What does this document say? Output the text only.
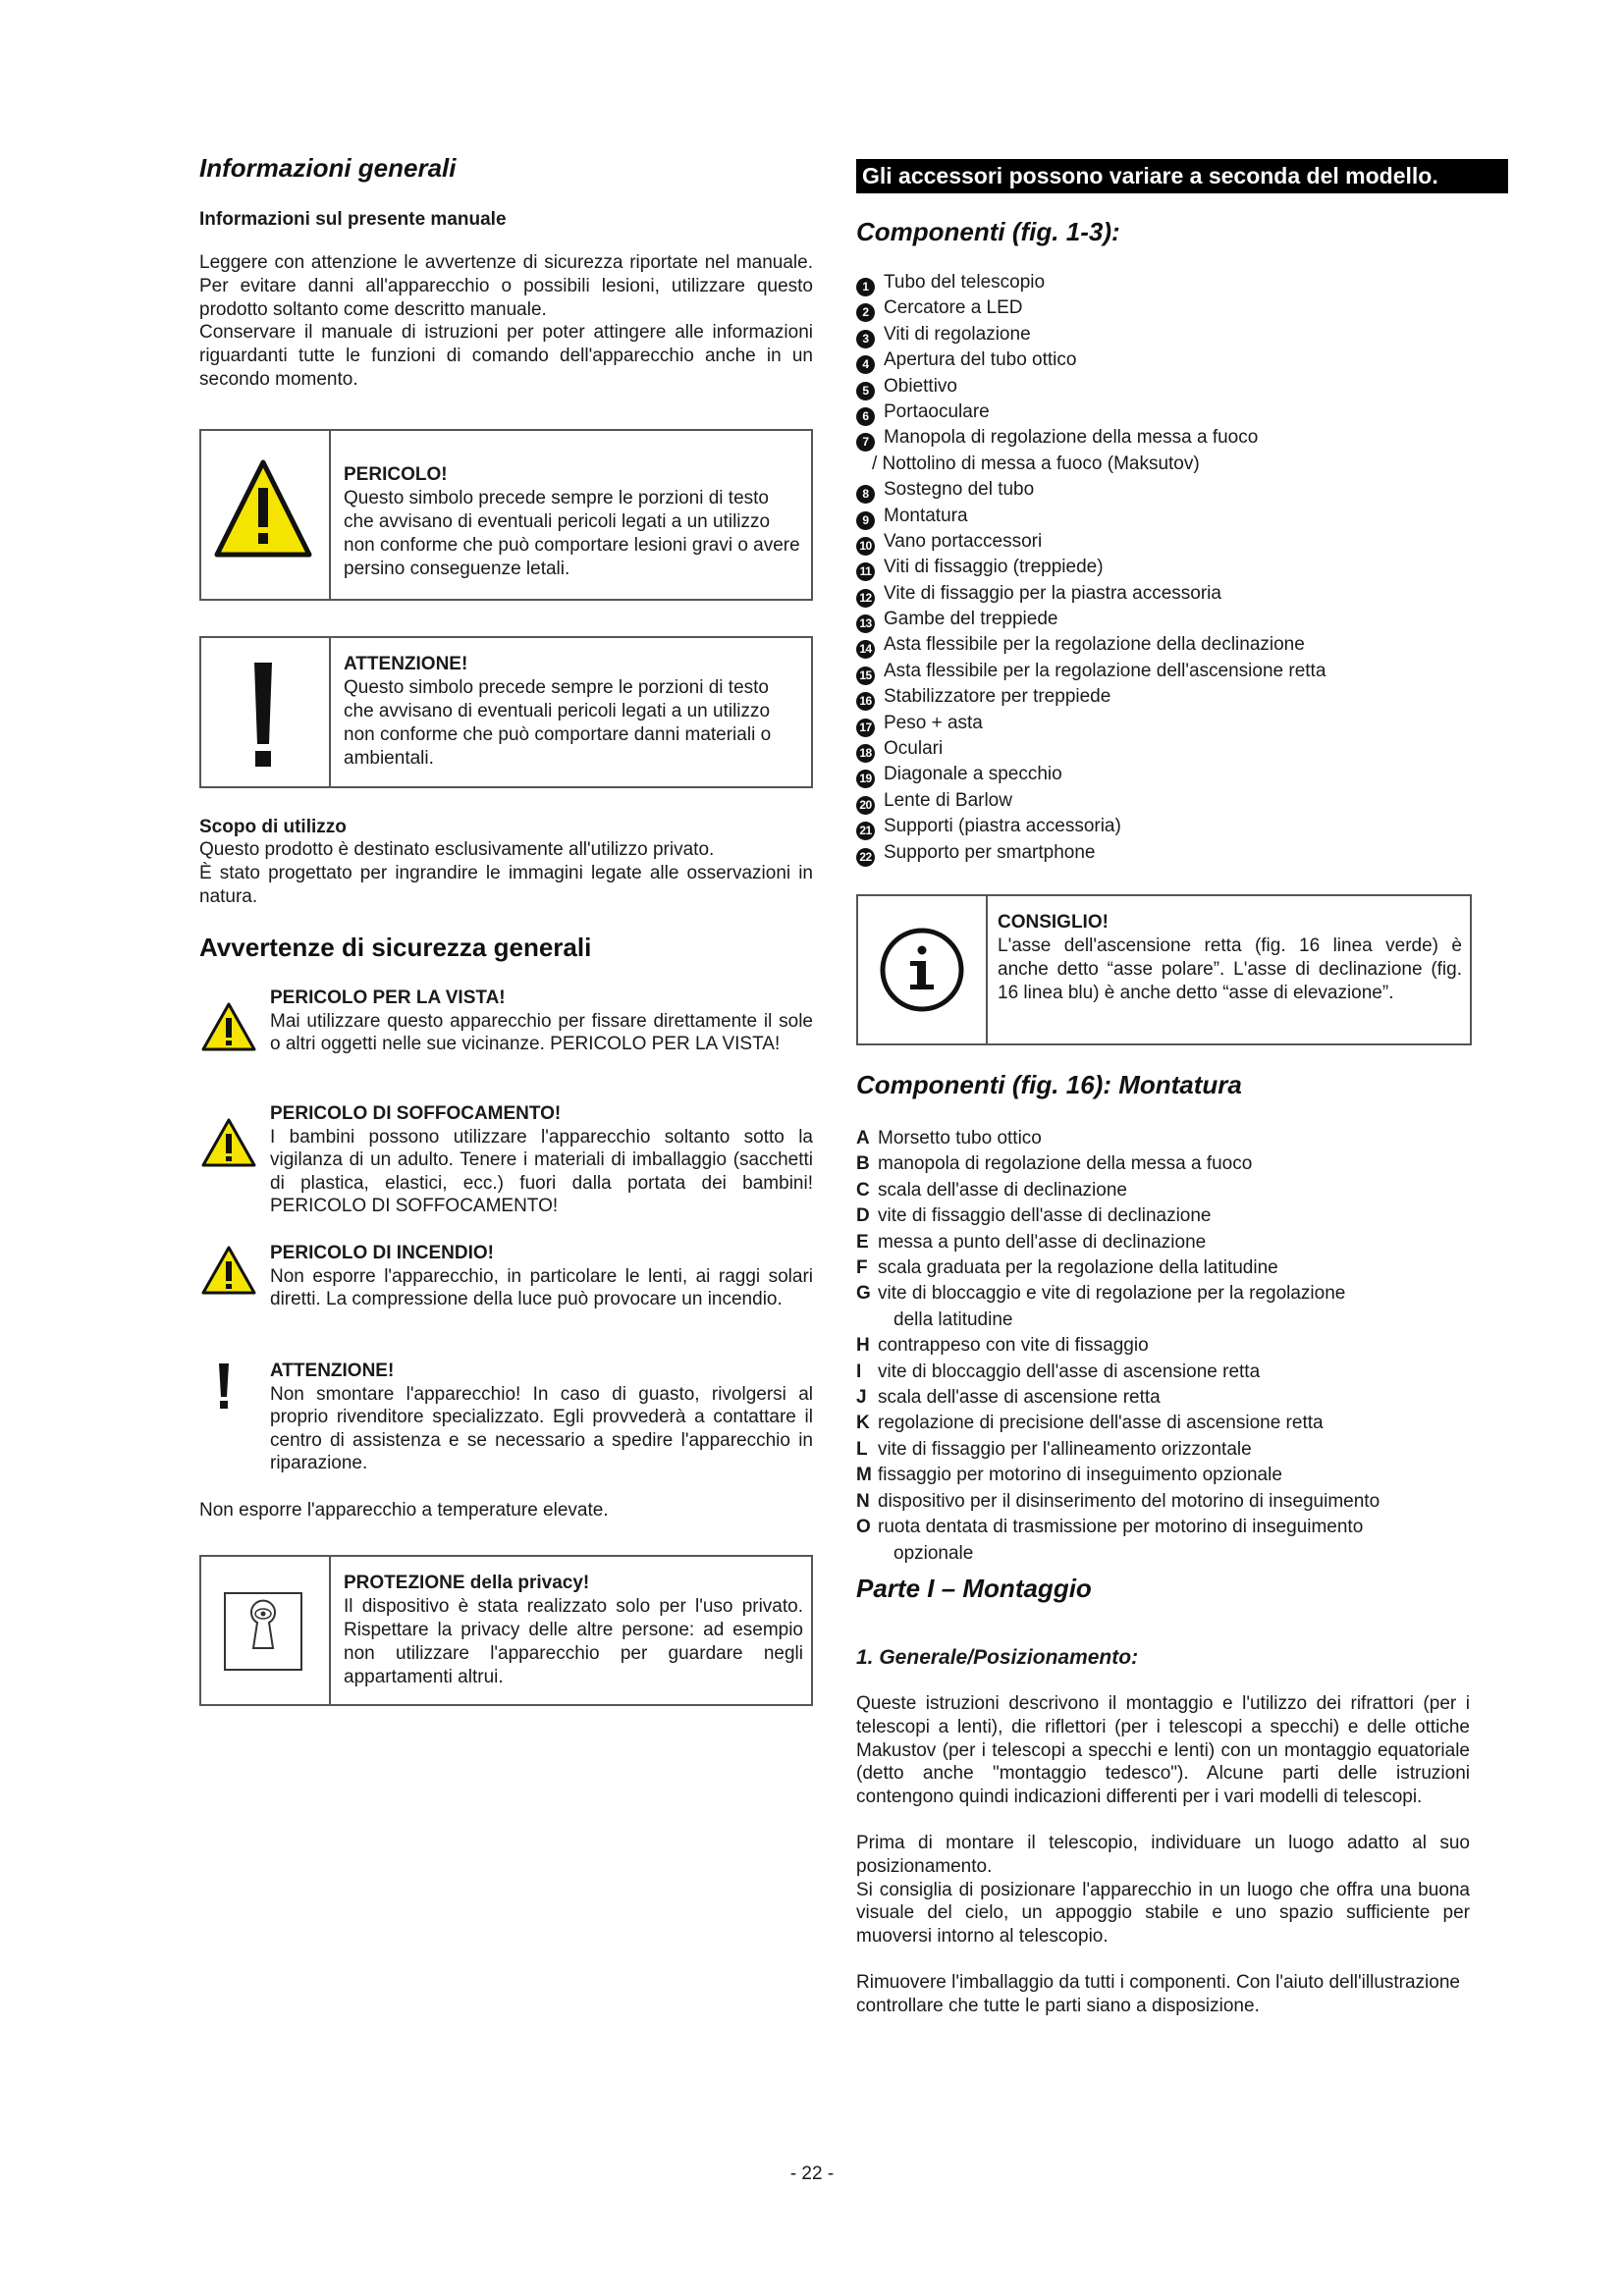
Informazioni generali
Informazioni sul presente manuale

Leggere con attenzione le avvertenze di sicurezza riportate nel manuale. Per evitare danni all'apparecchio o possibili lesioni, utilizzare questo prodotto soltanto come descritto manuale.

Conservare il manuale di istruzioni per poter attingere alle informazioni riguardanti tutte le funzioni di comando dell'apparecchio anche in un secondo momento.

PERICOLO!
Questo simbolo precede sempre le porzioni di testo che avvisano di eventuali pericoli legati a un utilizzo non conforme che può comportare lesioni gravi o avere persino conseguenze letali.
ATTENZIONE!
Questo simbolo precede sempre le porzioni di testo che avvisano di eventuali pericoli legati a un utilizzo non conforme che può comportare danni materiali o ambientali.
Scopo di utilizzo

Questo prodotto è destinato esclusivamente all'utilizzo privato.

È stato progettato per ingrandire le immagini legate alle osservazioni in natura.

Avvertenze di sicurezza generali
PERICOLO PER LA VISTA!
Mai utilizzare questo apparecchio per fissare direttamente il sole o altri oggetti nelle sue vicinanze. PERICOLO PER LA VISTA!
PERICOLO DI SOFFOCAMENTO!
I bambini possono utilizzare l'apparecchio soltanto sotto la vigilanza di un adulto. Tenere i materiali di imballaggio (sacchetti di plastica, elastici, ecc.) fuori dalla portata dei bambini! PERICOLO DI SOFFOCAMENTO!
PERICOLO DI INCENDIO!
Non esporre l'apparecchio, in particolare le lenti, ai raggi solari diretti. La compressione della luce può provocare un incendio.
ATTENZIONE!
Non smontare l'apparecchio! In caso di guasto, rivolgersi al proprio rivenditore specializzato. Egli provvederà a contattare il centro di assistenza e se necessario a spedire l'apparecchio in riparazione.

Non esporre l'apparecchio a temperature elevate.

PROTEZIONE della privacy!
Il dispositivo è stata realizzato solo per l'uso privato. Rispettare la privacy delle altre persone: ad esempio non utilizzare l'apparecchio per guardare negli appartamenti altrui.
Gli accessori possono variare a seconda del modello.
Componenti (fig. 1-3):
1 Tubo del telescopio
2 Cercatore a LED
3 Viti di regolazione
4 Apertura del tubo ottico
5 Obiettivo
6 Portaoculare
7 Manopola di regolazione della messa a fuoco
/ Nottolino di messa a fuoco (Maksutov)
8 Sostegno del tubo
9 Montatura
10 Vano portaccessori
11 Viti di fissaggio (treppiede)
12 Vite di fissaggio per la piastra accessoria
13 Gambe del treppiede
14 Asta flessibile per la regolazione della declinazione
15 Asta flessibile per la regolazione dell'ascensione retta
16 Stabilizzatore per treppiede
17 Peso + asta
18 Oculari
19 Diagonale a specchio
20 Lente di Barlow
21 Supporti (piastra accessoria)
22 Supporto per smartphone
CONSIGLIO!
L'asse dell'ascensione retta (fig. 16 linea verde) è anche detto “asse polare”. L'asse di declinazione (fig. 16 linea blu) è anche detto “asse di elevazione”.
Componenti (fig. 16): Montatura
A Morsetto tubo ottico
B manopola di regolazione della messa a fuoco
C scala dell'asse di declinazione
D vite di fissaggio dell'asse di declinazione
E messa a punto dell'asse di declinazione
F scala graduata per la regolazione della latitudine
G vite di bloccaggio e vite di regolazione per la regolazione
della latitudine
H contrappeso con vite di fissaggio
I vite di bloccaggio dell'asse di ascensione retta
J scala dell'asse di ascensione retta
K regolazione di precisione dell'asse di ascensione retta
L vite di fissaggio per l'allineamento orizzontale
M fissaggio per motorino di inseguimento opzionale
N dispositivo per il disinserimento del motorino di inseguimento
O ruota dentata di trasmissione per motorino di inseguimento
opzionale
Parte I – Montaggio
1. Generale/Posizionamento:

Queste istruzioni descrivono il montaggio e l'utilizzo dei rifrattori (per i telescopi a lenti), die riflettori (per i telescopi a specchi) e delle ottiche Makustov (per i telescopi a specchi e lenti) con un montaggio equatoriale (detto anche "montaggio tedesco"). Alcune parti delle istruzioni contengono quindi indicazioni differenti per i vari modelli di telescopi.

Prima di montare il telescopio, individuare un luogo adatto al suo posizionamento.

Si consiglia di posizionare l'apparecchio in un luogo che offra una buona visuale del cielo, un appoggio stabile e uno spazio sufficiente per muoversi intorno al telescopio.

Rimuovere l'imballaggio da tutti i componenti. Con l'aiuto dell'illustrazione controllare che tutte le parti siano a disposizione.

- 22 -
